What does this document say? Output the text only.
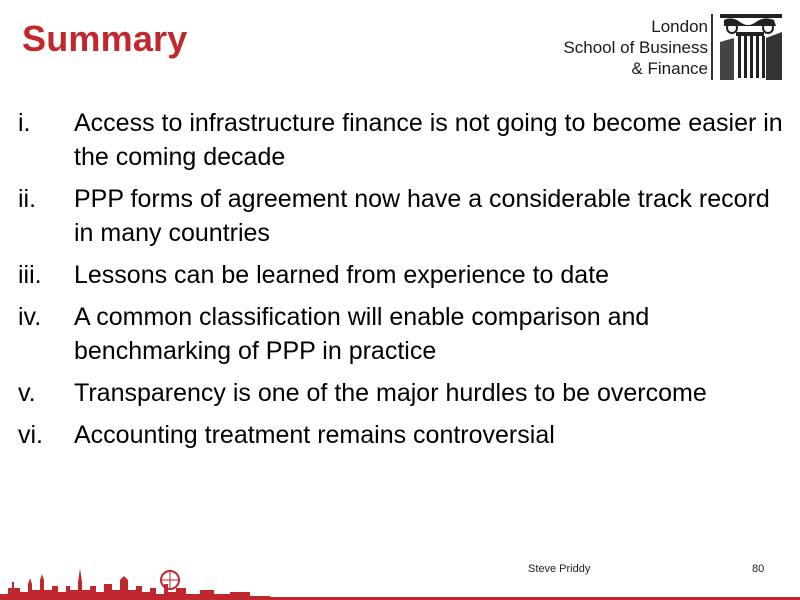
Summary	London
School of Business
& Finance
i.	Access to infrastructure finance is not going to become easier in the coming decade
ii.	PPP forms of agreement now have a considerable track record in many countries
iii.	Lessons can be learned from experience to date
iv.	A common classification will enable comparison and benchmarking of PPP in practice
v.	Transparency is one of the major hurdles to be overcome
vi.	Accounting treatment remains controversial
Steve Priddy	80
